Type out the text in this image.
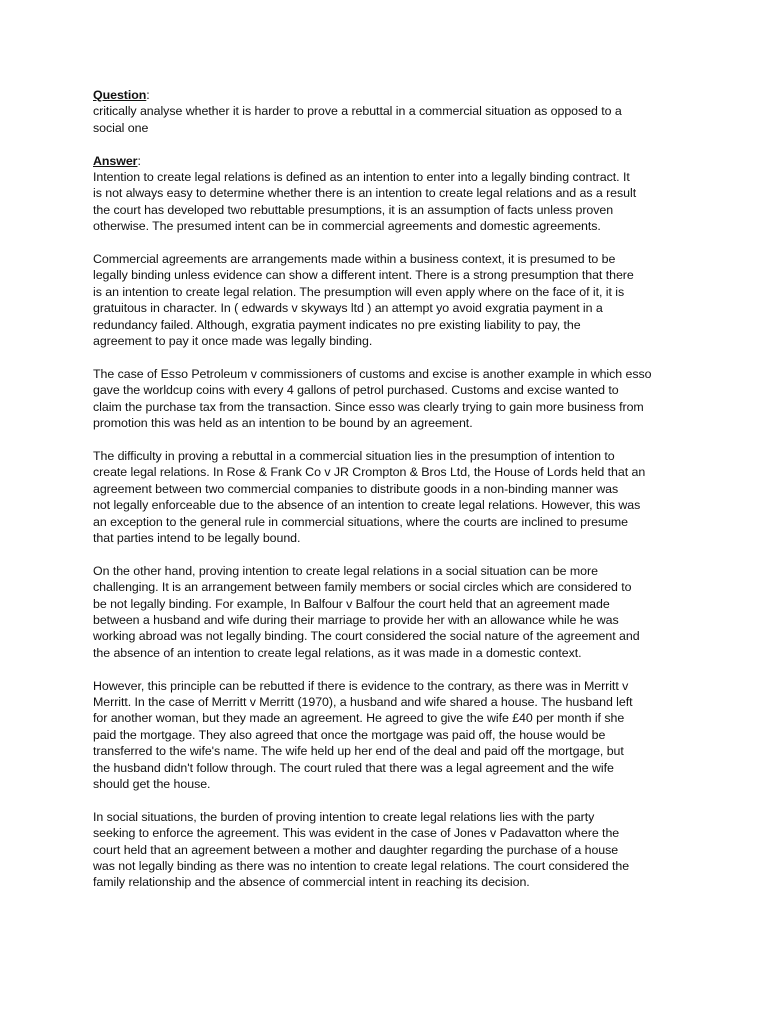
Question:
critically analyse whether it is harder to prove a rebuttal in a commercial situation as opposed to a
social one
Answer:
Intention to create legal relations is defined as an intention to enter into a legally binding contract. It
is not always easy to determine whether there is an intention to create legal relations and as a result
the court has developed two rebuttable presumptions, it is an assumption of facts unless proven
otherwise. The presumed intent can be in commercial agreements and domestic agreements.
Commercial agreements are arrangements made within a business context, it is presumed to be
legally binding unless evidence can show a different intent. There is a strong presumption that there
is an intention to create legal relation. The presumption will even apply where on the face of it, it is
gratuitous in character. In ( edwards v skyways ltd ) an attempt yo avoid exgratia payment in a
redundancy failed. Although, exgratia payment indicates no pre existing liability to pay, the
agreement to pay it once made was legally binding.
The case of Esso Petroleum v commissioners of customs and excise is another example in which esso
gave the worldcup coins with every 4 gallons of petrol purchased. Customs and excise wanted to
claim the purchase tax from the transaction. Since esso was clearly trying to gain more business from
promotion this was held as an intention to be bound by an agreement.
The difficulty in proving a rebuttal in a commercial situation lies in the presumption of intention to
create legal relations. In Rose & Frank Co v JR Crompton & Bros Ltd, the House of Lords held that an
agreement between two commercial companies to distribute goods in a non-binding manner was
not legally enforceable due to the absence of an intention to create legal relations. However, this was
an exception to the general rule in commercial situations, where the courts are inclined to presume
that parties intend to be legally bound.
On the other hand, proving intention to create legal relations in a social situation can be more
challenging. It is an arrangement between family members or social circles which are considered to
be not legally binding. For example, In Balfour v Balfour the court held that an agreement made
between a husband and wife during their marriage to provide her with an allowance while he was
working abroad was not legally binding. The court considered the social nature of the agreement and
the absence of an intention to create legal relations, as it was made in a domestic context.
However, this principle can be rebutted if there is evidence to the contrary, as there was in Merritt v
Merritt. In the case of Merritt v Merritt (1970), a husband and wife shared a house. The husband left
for another woman, but they made an agreement. He agreed to give the wife £40 per month if she
paid the mortgage. They also agreed that once the mortgage was paid off, the house would be
transferred to the wife's name. The wife held up her end of the deal and paid off the mortgage, but
the husband didn't follow through. The court ruled that there was a legal agreement and the wife
should get the house.
In social situations, the burden of proving intention to create legal relations lies with the party
seeking to enforce the agreement. This was evident in the case of Jones v Padavatton where the
court held that an agreement between a mother and daughter regarding the purchase of a house
was not legally binding as there was no intention to create legal relations. The court considered the
family relationship and the absence of commercial intent in reaching its decision.
